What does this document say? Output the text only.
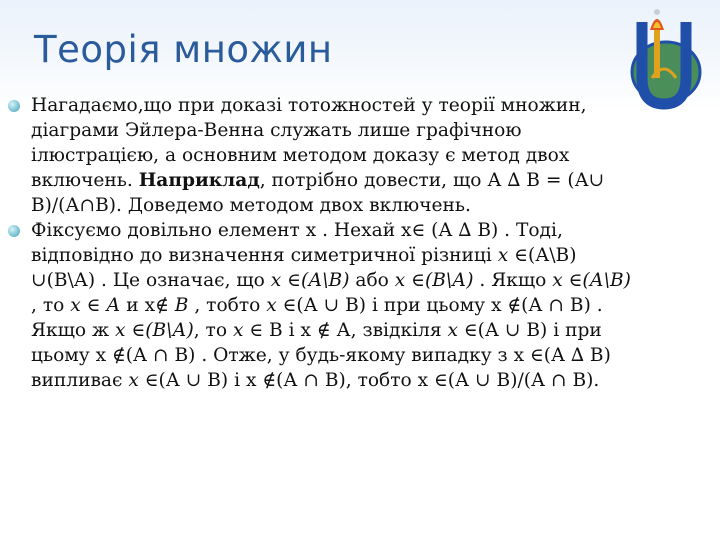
Теорія множин
Нагадаємо,що при доказі тотожностей у теорії множин,
діаграми Эйлера-Венна служать лише графічною
ілюстрацією, а основним методом доказу є метод двох
включень. Наприклад, потрібно довести, що А ∆ В = (А∪
В)/(А∩В). Доведемо методом двох включень.
Фіксуємо довільно елемент х . Нехай х∈ (А ∆ В) . Тоді,
відповідно до визначення симетричної різниці х ∈(А\В)
∪(В\А) . Це означає, що х ∈(А\В) або х ∈(В\А) . Якщо х ∈(А\В)
, то х ∈ А и х∉ В , тобто х ∈(А ∪ В) і при цьому х ∉(А ∩ В) .
Якщо ж х ∈(В\А), то х ∈ В і х ∉ А, звідкіля х ∈(А ∪ В) і при
цьому х ∉(А ∩ В) . Отже, у будь-якому випадку з х ∈(А ∆ В)
випливає х ∈(А ∪ В) і х ∉(А ∩ В), тобто х ∈(А ∪ В)/(А ∩ В).
